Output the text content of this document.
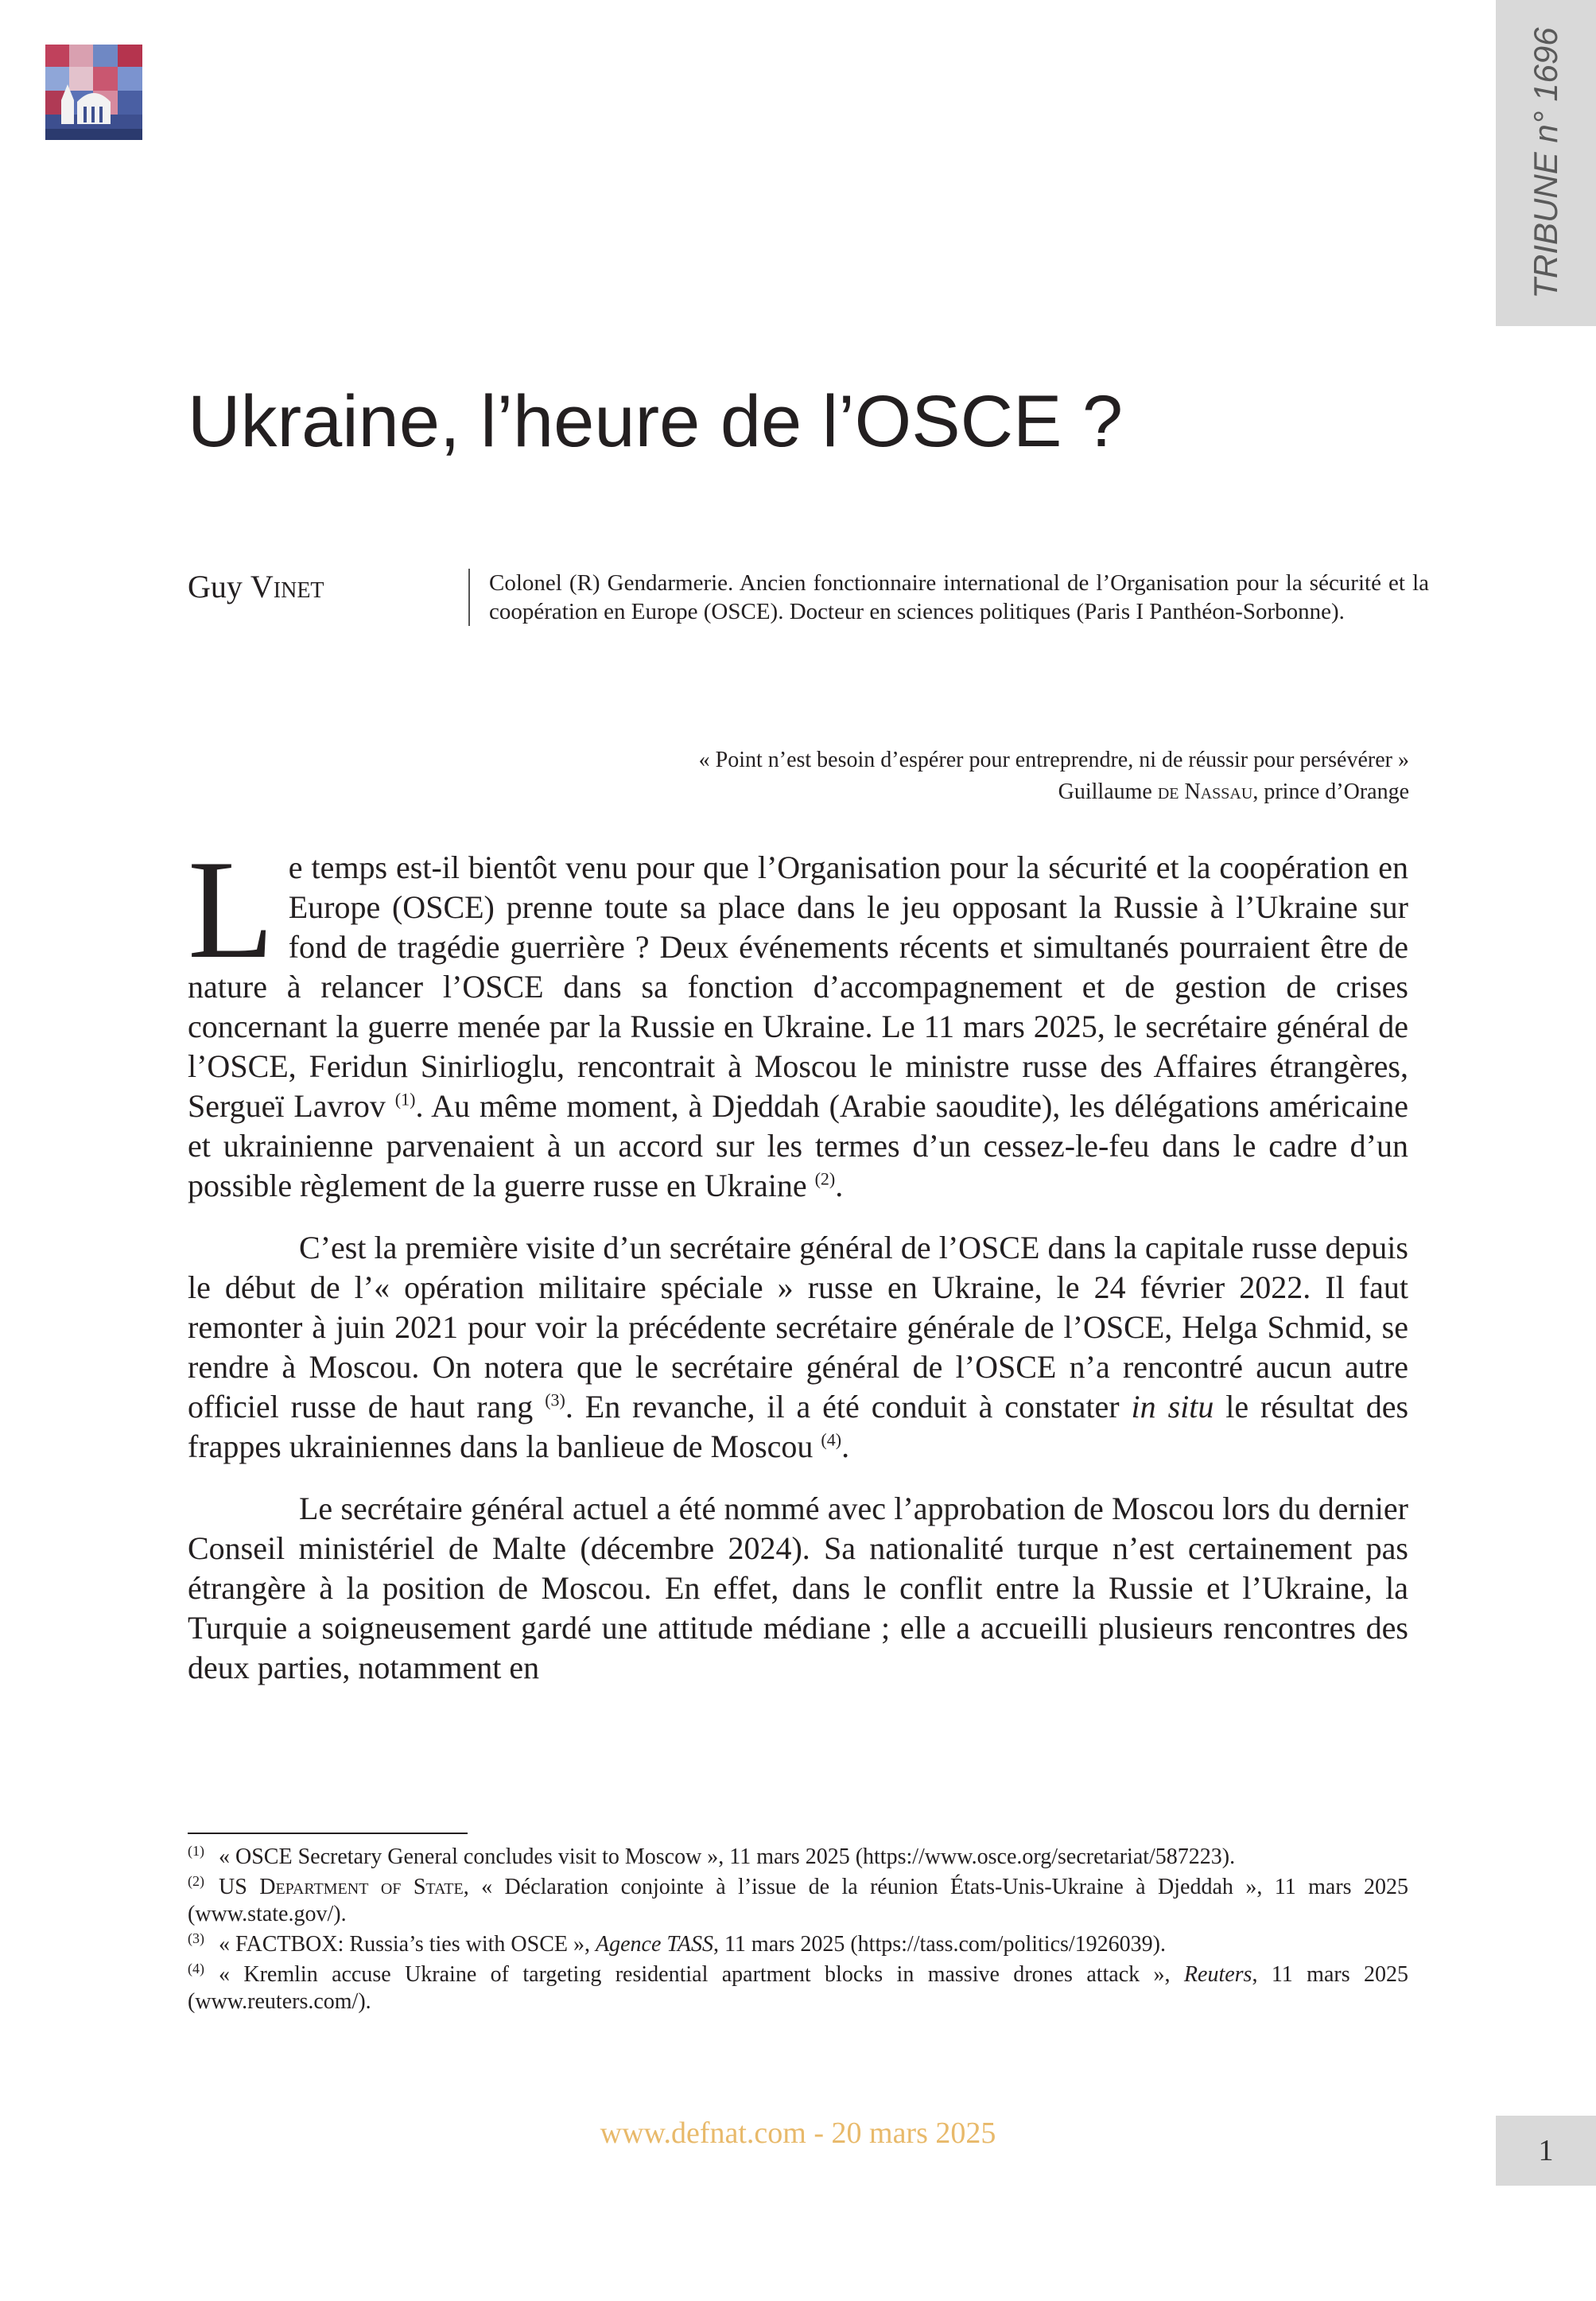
TRIBUNE n° 1696
Ukraine, l’heure de l’OSCE ?
Guy Vinet	Colonel (R) Gendarmerie. Ancien fonctionnaire international de l’Organisation pour la sécurité et la coopération en Europe (OSCE). Docteur en sciences politiques (Paris I Panthéon-Sorbonne).
« Point n’est besoin d’espérer pour entreprendre, ni de réussir pour persévérer »
Guillaume de Nassau, prince d’Orange

Le temps est-il bientôt venu pour que l’Organisation pour la sécurité et la coopération en Europe (OSCE) prenne toute sa place dans le jeu opposant la Russie à l’Ukraine sur fond de tragédie guerrière ? Deux événements récents et simultanés pourraient être de nature à relancer l’OSCE dans sa fonction d’accompagnement et de gestion de crises concernant la guerre menée par la Russie en Ukraine. Le 11 mars 2025, le secrétaire général de l’OSCE, Feridun Sinirlioglu, rencontrait à Moscou le ministre russe des Affaires étrangères, Sergueï Lavrov $^{(1)}$. Au même moment, à Djeddah (Arabie saoudite), les délégations américaine et ukrainienne parvenaient à un accord sur les termes d’un cessez-le-feu dans le cadre d’un possible règlement de la guerre russe en Ukraine $^{(2)}$.

C’est la première visite d’un secrétaire général de l’OSCE dans la capitale russe depuis le début de l’« opération militaire spéciale » russe en Ukraine, le 24 février 2022. Il faut remonter à juin 2021 pour voir la précédente secrétaire générale de l’OSCE, Helga Schmid, se rendre à Moscou. On notera que le secrétaire général de l’OSCE n’a rencontré aucun autre officiel russe de haut rang $^{(3)}$. En revanche, il a été conduit à constater in situ le résultat des frappes ukrainiennes dans la banlieue de Moscou $^{(4)}$.

Le secrétaire général actuel a été nommé avec l’approbation de Moscou lors du dernier Conseil ministériel de Malte (décembre 2024). Sa nationalité turque n’est certainement pas étrangère à la position de Moscou. En effet, dans le conflit entre la Russie et l’Ukraine, la Turquie a soigneusement gardé une attitude médiane ; elle a accueilli plusieurs rencontres des deux parties, notamment en

$^{(1)}$ « OSCE Secretary General concludes visit to Moscow », 11 mars 2025 (https://www.osce.org/secretariat/587223).
$^{(2)}$ US Department of State, « Déclaration conjointe à l’issue de la réunion États-Unis-Ukraine à Djeddah », 11 mars 2025 (www.state.gov/).
$^{(3)}$ « FACTBOX: Russia’s ties with OSCE », Agence TASS, 11 mars 2025 (https://tass.com/politics/1926039).
$^{(4)}$ « Kremlin accuse Ukraine of targeting residential apartment blocks in massive drones attack », Reuters, 11 mars 2025 (www.reuters.com/).
www.defnat.com - 20 mars 2025
1
